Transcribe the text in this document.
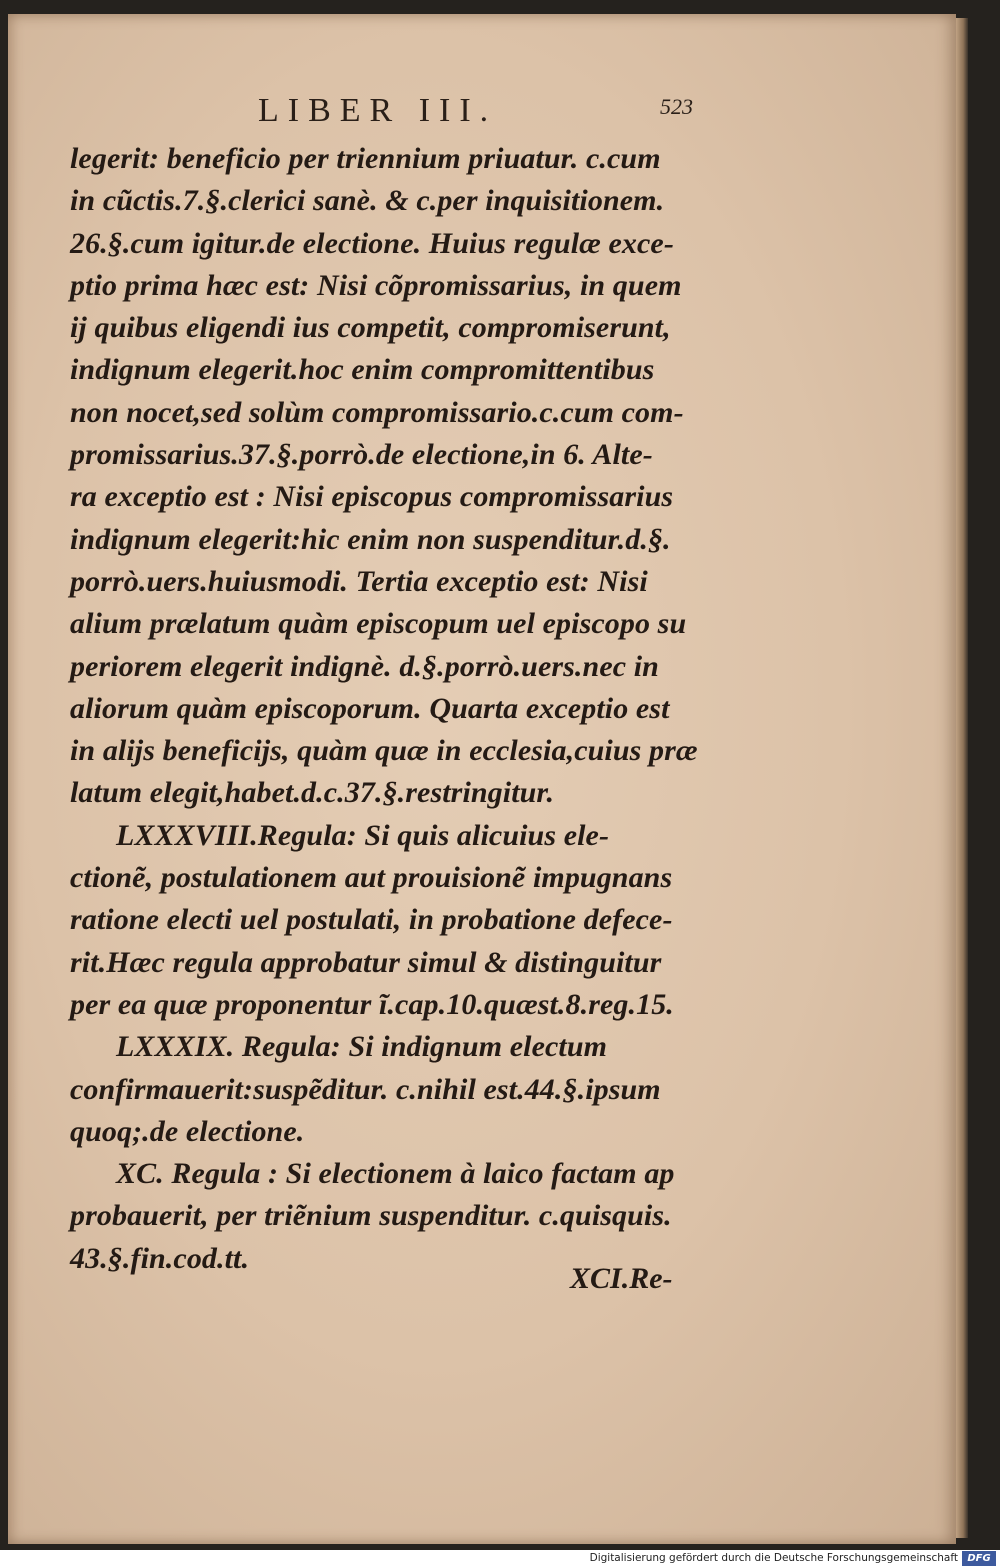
LIBER III.	523
legerit: beneficio per triennium priuatur. c.cum
in cũctis.7.§.clerici sanè. & c.per inquisitionem.
26.§.cum igitur.de electione. Huius regulæ exce-
ptio prima hæc est: Nisi cõpromissarius, in quem
ij quibus eligendi ius competit, compromiserunt,
indignum elegerit.hoc enim compromittentibus
non nocet,sed solùm compromissario.c.cum com-
promissarius.37.§.porrò.de electione,in 6. Alte-
ra exceptio est : Nisi episcopus compromissarius
indignum elegerit:hic enim non suspenditur.d.§.
porrò.uers.huiusmodi. Tertia exceptio est: Nisi
alium prælatum quàm episcopum uel episcopo su
periorem elegerit indignè. d.§.porrò.uers.nec in
aliorum quàm episcoporum. Quarta exceptio est
in alijs beneficijs, quàm quæ in ecclesia,cuius præ
latum elegit,habet.d.c.37.§.restringitur.
LXXXVIII.Regula: Si quis alicuius ele-
ctionẽ, postulationem aut prouisionẽ impugnans
ratione electi uel postulati, in probatione defece-
rit.Hæc regula approbatur simul & distinguitur
per ea quæ proponentur ĩ.cap.10.quæst.8.reg.15.
LXXXIX. Regula: Si indignum electum
confirmauerit:suspẽditur. c.nihil est.44.§.ipsum
quoq;.de electione.
XC. Regula : Si electionem à laico factam ap
probauerit, per triẽnium suspenditur. c.quisquis.
43.§.fin.cod.tt.
XCI.Re-
Digitalisierung gefördert durch die Deutsche Forschungsgemeinschaft DFG
